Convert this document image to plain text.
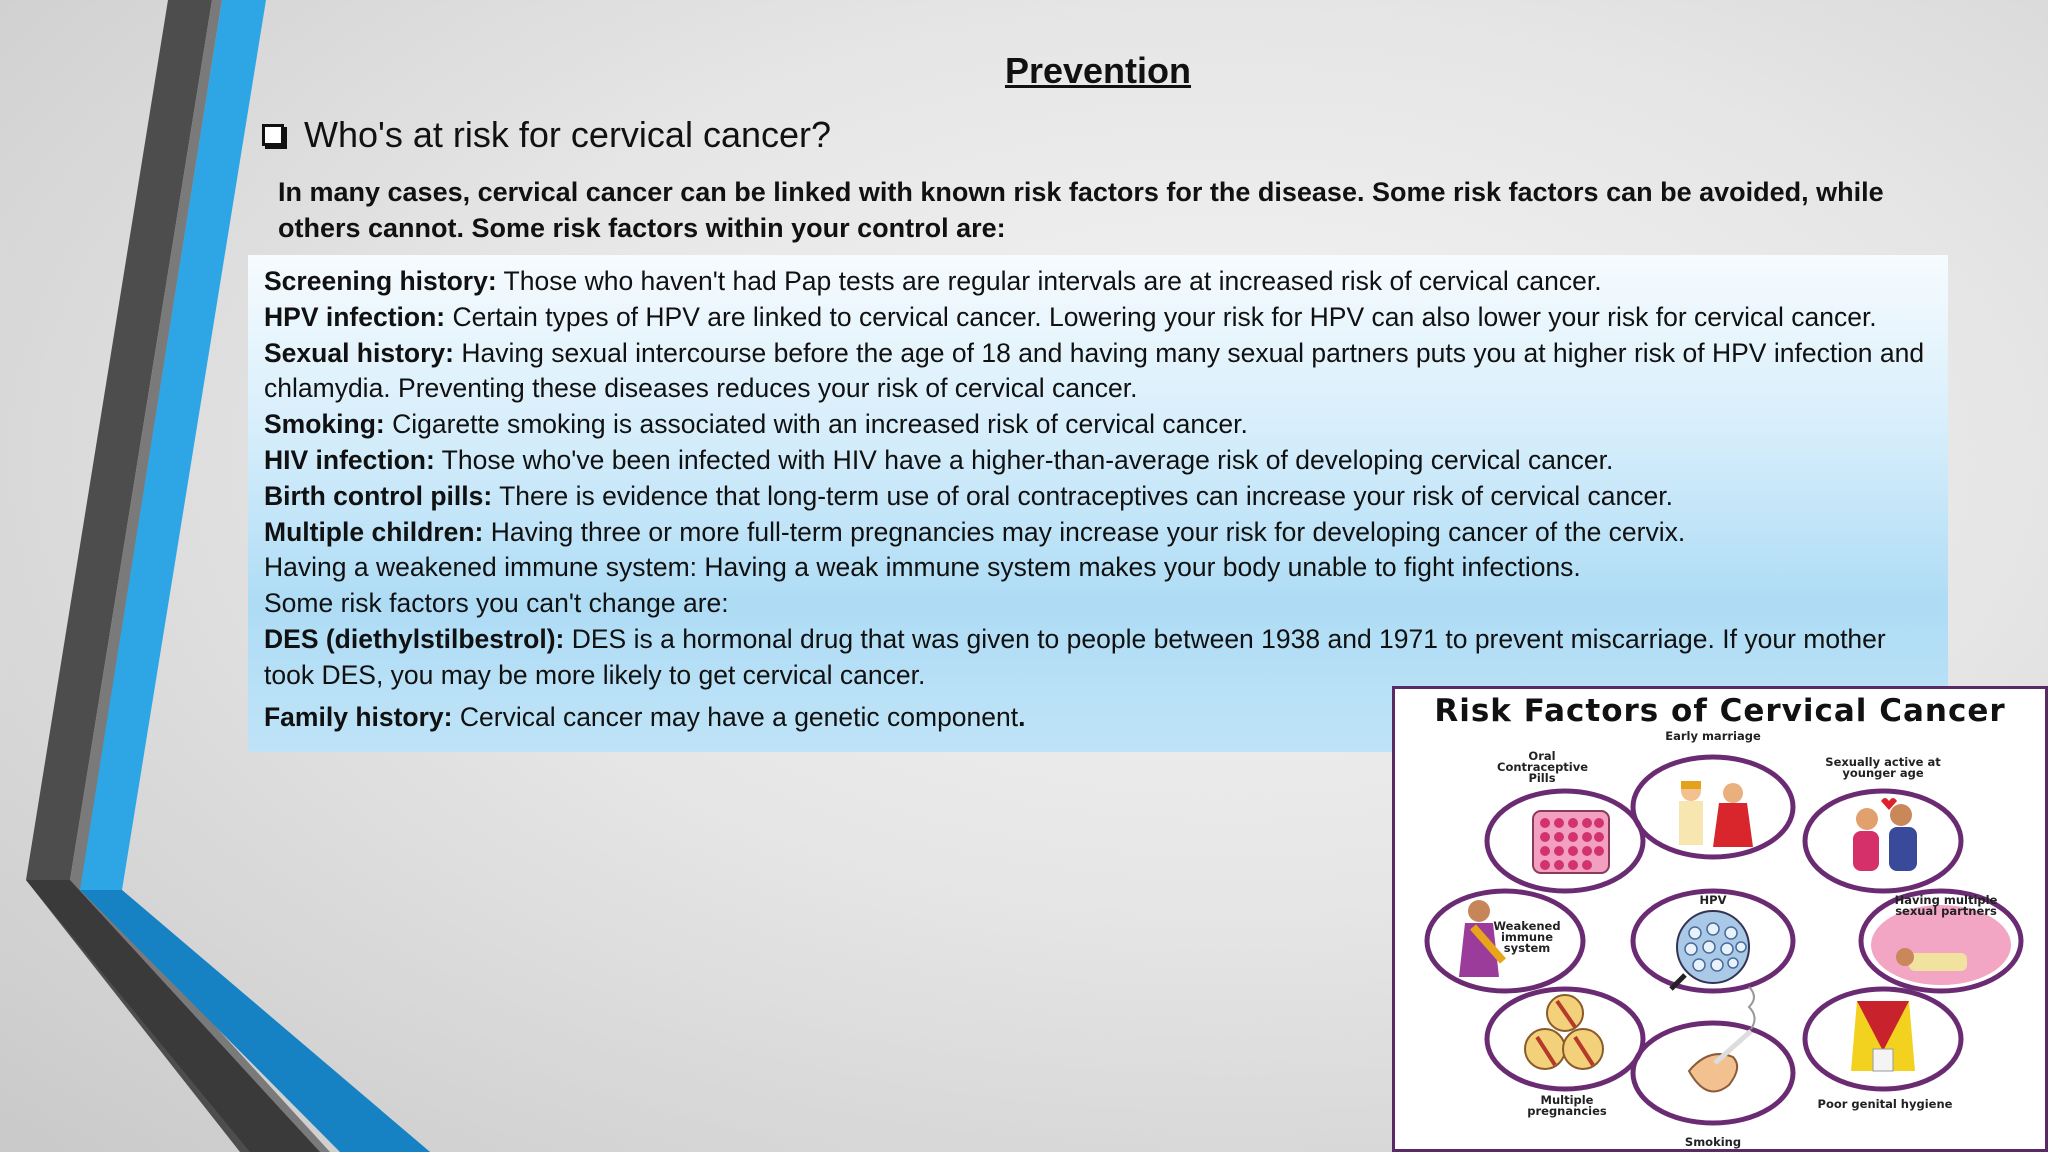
Prevention
Who's at risk for cervical cancer?
In many cases, cervical cancer can be linked with known risk factors for the disease. Some risk factors can be avoided, while others cannot. Some risk factors within your control are:

Screening history: Those who haven't had Pap tests are regular intervals are at increased risk of cervical cancer.

HPV infection: Certain types of HPV are linked to cervical cancer. Lowering your risk for HPV can also lower your risk for cervical cancer.

Sexual history: Having sexual intercourse before the age of 18 and having many sexual partners puts you at higher risk of HPV infection and chlamydia. Preventing these diseases reduces your risk of cervical cancer.

Smoking: Cigarette smoking is associated with an increased risk of cervical cancer.

HIV infection: Those who've been infected with HIV have a higher-than-average risk of developing cervical cancer.

Birth control pills: There is evidence that long-term use of oral contraceptives can increase your risk of cervical cancer.

Multiple children: Having three or more full-term pregnancies may increase your risk for developing cancer of the cervix.

Having a weakened immune system: Having a weak immune system makes your body unable to fight infections.

Some risk factors you can't change are:

DES (diethylstilbestrol): DES is a hormonal drug that was given to people between 1938 and 1971 to prevent miscarriage. If your mother took DES, you may be more likely to get cervical cancer.

Family history: Cervical cancer may have a genetic component.	Risk Factors of Cervical Cancer
Early marriage
Oral Contraceptive Pills
Sexually active at younger age
Weakened immune system
HPV	Having multiple sexual partners
Multiple pregnancies	Poor genital hygiene
Smoking
